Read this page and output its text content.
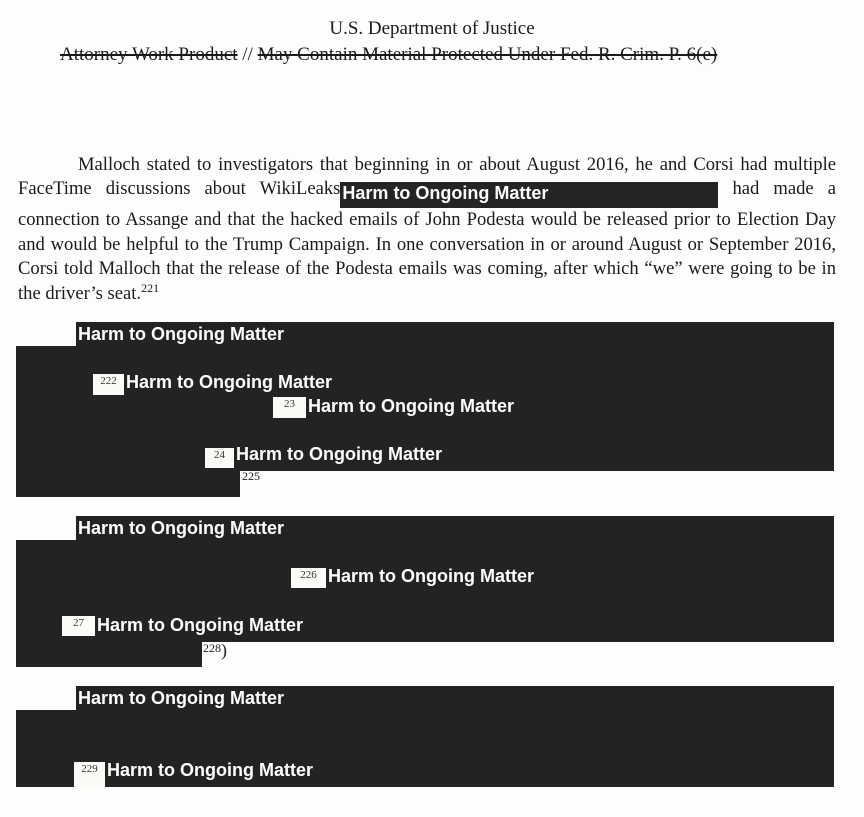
U.S. Department of Justice
Attorney Work Product // May Contain Material Protected Under Fed. R. Crim. P. 6(e)
Malloch stated to investigators that beginning in or about August 2016, he and Corsi had multiple FaceTime discussions about WikiLeaks Harm to Ongoing Matter	had made a connection to Assange and that the hacked emails of John Podesta would be released prior to Election Day and would be helpful to the Trump Campaign. In one conversation in or around August or September 2016, Corsi told Malloch that the release of the Podesta emails was coming, after which “we” were going to be in the driver’s seat.$^{221}$
Harm to Ongoing Matter
222 Harm to Ongoing Matter
23 Harm to Ongoing Matter
24 Harm to Ongoing Matter
225
Harm to Ongoing Matter
226 Harm to Ongoing Matter
27 Harm to Ongoing Matter
228)
Harm to Ongoing Matter
229 Harm to Ongoing Matter
